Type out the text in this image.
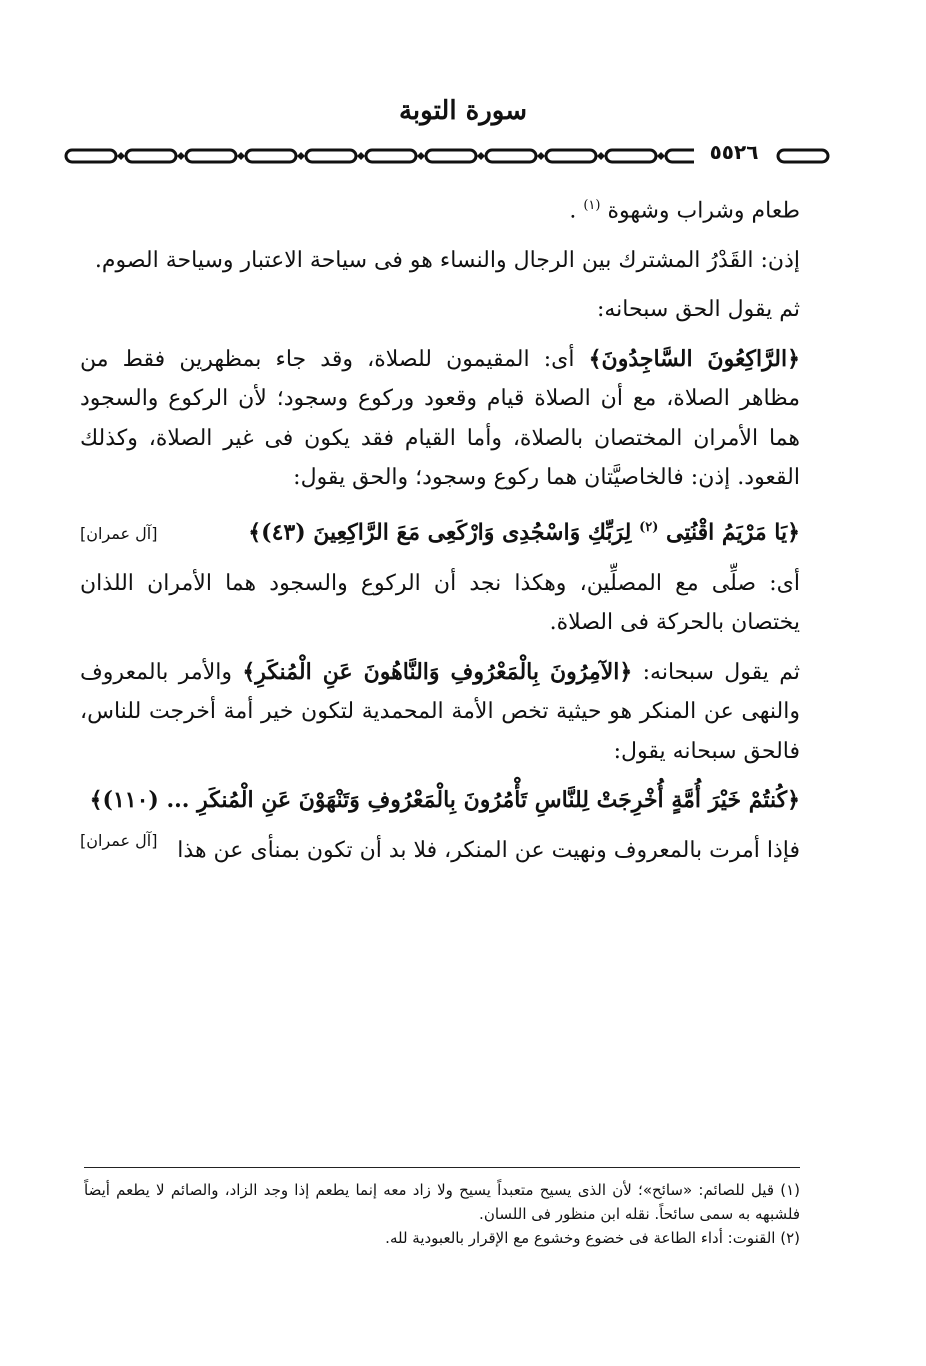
سورة التوبة
٥٥٢٦

طعام وشراب وشهوة $^{(١)}$ .

إذن: القَدْرُ المشترك بين الرجال والنساء هو فى سياحة الاعتبار وسياحة الصوم.

ثم يقول الحق سبحانه:

﴿الرَّاكِعُونَ السَّاجِدُونَ﴾ أى: المقيمون للصلاة، وقد جاء بمظهرين فقط من مظاهر الصلاة، مع أن الصلاة قيام وقعود وركوع وسجود؛ لأن الركوع والسجود هما الأمران المختصان بالصلاة، وأما القيام فقد يكون فى غير الصلاة، وكذلك القعود. إذن: فالخاصيَّتان هما ركوع وسجود؛ والحق يقول:

﴿يَا مَرْيَمُ اقْنُتِى $^{(٢)}$ لِرَبِّكِ وَاسْجُدِى وَارْكَعِى مَعَ الرَّاكِعِينَ (٤٣)﴾
[آل عمران]

أى: صلِّى مع المصلِّين، وهكذا نجد أن الركوع والسجود هما الأمران اللذان يختصان بالحركة فى الصلاة.

ثم يقول سبحانه: ﴿الآمِرُونَ بِالْمَعْرُوفِ وَالنَّاهُونَ عَنِ الْمُنكَرِ﴾ والأمر بالمعروف والنهى عن المنكر هو حيثية تخص الأمة المحمدية لتكون خير أمة أخرجت للناس، فالحق سبحانه يقول:

﴿كُنتُمْ خَيْرَ أُمَّةٍ أُخْرِجَتْ لِلنَّاسِ تَأْمُرُونَ بِالْمَعْرُوفِ وَتَنْهَوْنَ عَنِ الْمُنكَرِ ... (١١٠)﴾
[آل عمران] فإذا أمرت بالمعروف ونهيت عن المنكر، فلا بد أن تكون بمنأى عن هذا

(١) قيل للصائم: «سائح»؛ لأن الذى يسيح متعبداً يسيح ولا زاد معه إنما يطعم إذا وجد الزاد، والصائم لا يطعم أيضاً فلشبهه به سمى سائحاً. نقله ابن منظور فى اللسان.

(٢) القنوت: أداء الطاعة فى خضوع وخشوع مع الإقرار بالعبودية لله.
